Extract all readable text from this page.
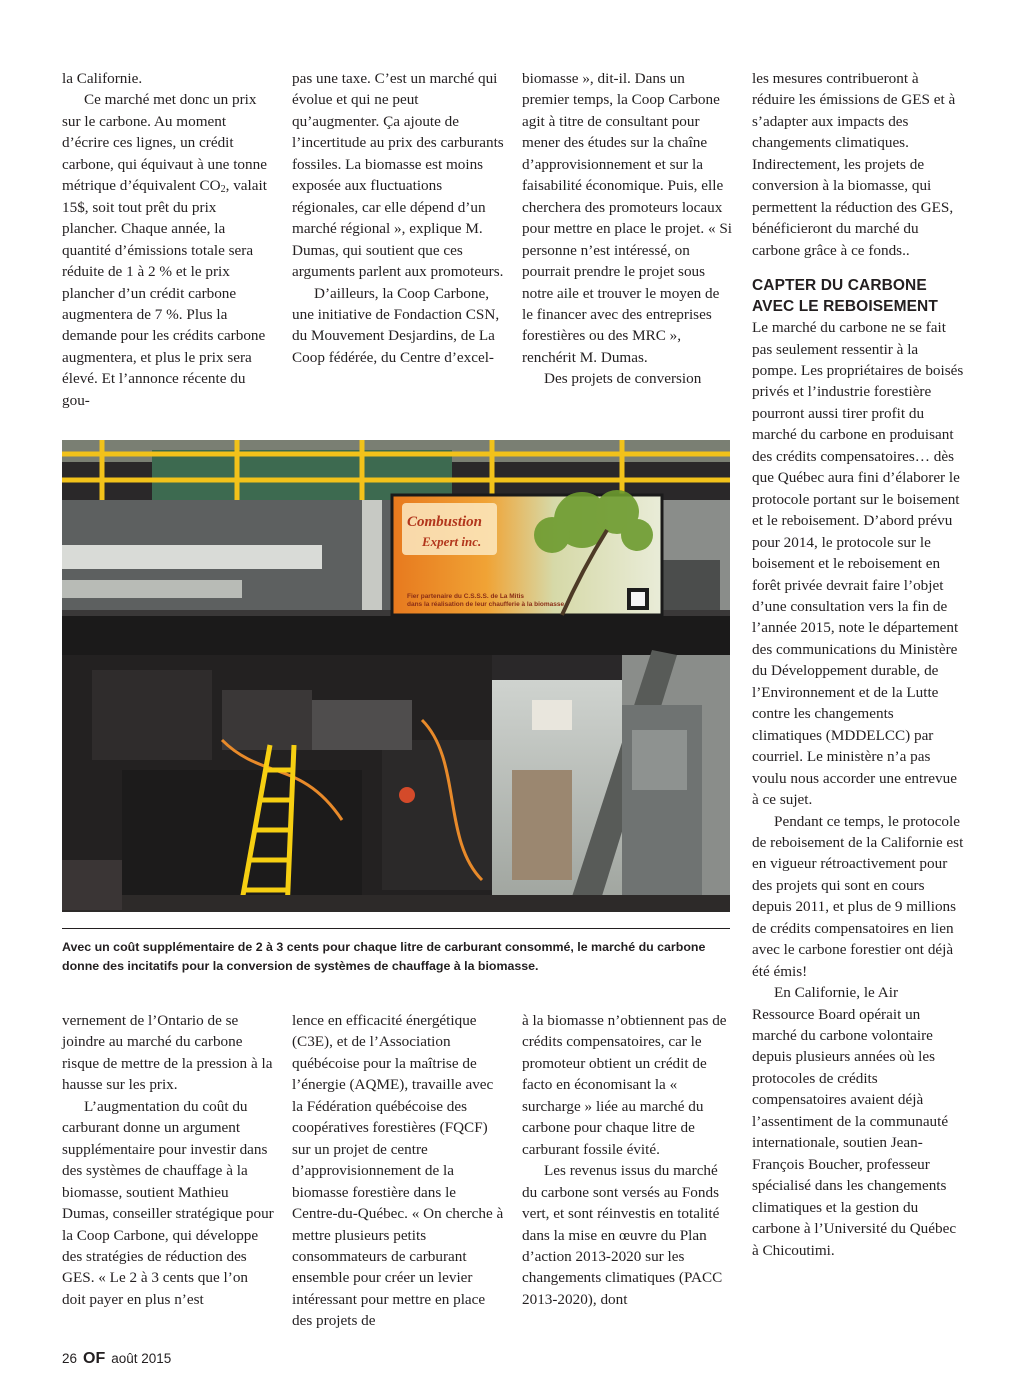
la Californie.

Ce marché met donc un prix sur le carbone. Au moment d’écrire ces lignes, un crédit carbone, qui équivaut à une tonne métrique d’équivalent $CO_2$, valait 15$, soit tout prêt du prix plancher. Chaque année, la quantité d’émissions totale sera réduite de 1 à 2 % et le prix plancher d’un crédit carbone augmentera de 7 %. Plus la demande pour les crédits carbone augmentera, et plus le prix sera élevé. Et l’annonce récente du gou-

pas une taxe. C’est un marché qui évolue et qui ne peut qu’augmenter. Ça ajoute de l’incertitude au prix des carburants fossiles. La biomasse est moins exposée aux fluctuations régionales, car elle dépend d’un marché régional », explique M. Dumas, qui soutient que ces arguments parlent aux promoteurs.

D’ailleurs, la Coop Carbone, une initiative de Fondaction CSN, du Mouvement Desjardins, de La Coop fédérée, du Centre d’excel-

biomasse », dit-il. Dans un premier temps, la Coop Carbone agit à titre de consultant pour mener des études sur la chaîne d’approvisionnement et sur la faisabilité économique. Puis, elle cherchera des promoteurs locaux pour mettre en place le projet. « Si personne n’est intéressé, on pourrait prendre le projet sous notre aile et trouver le moyen de le financer avec des entreprises forestières ou des MRC », renchérit M. Dumas.

Des projets de conversion

les mesures contribueront à réduire les émissions de GES et à s’adapter aux impacts des changements climatiques. Indirectement, les projets de conversion à la biomasse, qui permettent la réduction des GES, bénéficieront du marché du carbone grâce à ce fonds..

CAPTER DU CARBONE
AVEC LE REBOISEMENT

Le marché du carbone ne se fait pas seulement ressentir à la pompe. Les propriétaires de boisés privés et l’industrie forestière pourront aussi tirer profit du marché du carbone en produisant des crédits compensatoires… dès que Québec aura fini d’élaborer le protocole portant sur le boisement et le reboisement. D’abord prévu pour 2014, le protocole sur le boisement et le reboisement en forêt privée devrait faire l’objet d’une consultation vers la fin de l’année 2015, note le département des communications du Ministère du Développement durable, de l’Environnement et de la Lutte contre les changements climatiques (MDDELCC) par courriel. Le ministère n’a pas voulu nous accorder une entrevue à ce sujet.

Pendant ce temps, le protocole de reboisement de la Californie est en vigueur rétroactivement pour des projets qui sont en cours depuis 2011, et plus de 9 millions de crédits compensatoires en lien avec le carbone forestier ont déjà été émis!

En Californie, le Air Ressource Board opérait un marché du carbone volontaire depuis plusieurs années où les protocoles de crédits compensatoires avaient déjà l’assentiment de la communauté internationale, soutien Jean-François Boucher, professeur spécialisé dans les changements climatiques et la gestion du carbone à l’Université du Québec à Chicoutimi.

Combustion
Expert inc.
Fier partenaire du C.S.S.S. de La Mitis
dans la réalisation de leur chaufferie à la biomasse

Avec un coût supplémentaire de 2 à 3 cents pour chaque litre de carburant consommé, le marché du carbone donne des incitatifs pour la conversion de systèmes de chauffage à la biomasse.

vernement de l’Ontario de se joindre au marché du carbone risque de mettre de la pression à la hausse sur les prix.

L’augmentation du coût du carburant donne un argument supplémentaire pour investir dans des systèmes de chauffage à la biomasse, soutient Mathieu Dumas, conseiller stratégique pour la Coop Carbone, qui développe des stratégies de réduction des GES. « Le 2 à 3 cents que l’on doit payer en plus n’est

lence en efficacité énergétique (C3E), et de l’Association québécoise pour la maîtrise de l’énergie (AQME), travaille avec la Fédération québécoise des coopératives forestières (FQCF) sur un projet de centre d’approvisionnement de la biomasse forestière dans le Centre-du-Québec. « On cherche à mettre plusieurs petits consommateurs de carburant ensemble pour créer un levier intéressant pour mettre en place des projets de

à la biomasse n’obtiennent pas de crédits compensatoires, car le promoteur obtient un crédit de facto en économisant la « surcharge » liée au marché du carbone pour chaque litre de carburant fossile évité.

Les revenus issus du marché du carbone sont versés au Fonds vert, et sont réinvestis en totalité dans la mise en œuvre du Plan d’action 2013-2020 sur les changements climatiques (PACC 2013-2020), dont

26 OF août 2015
